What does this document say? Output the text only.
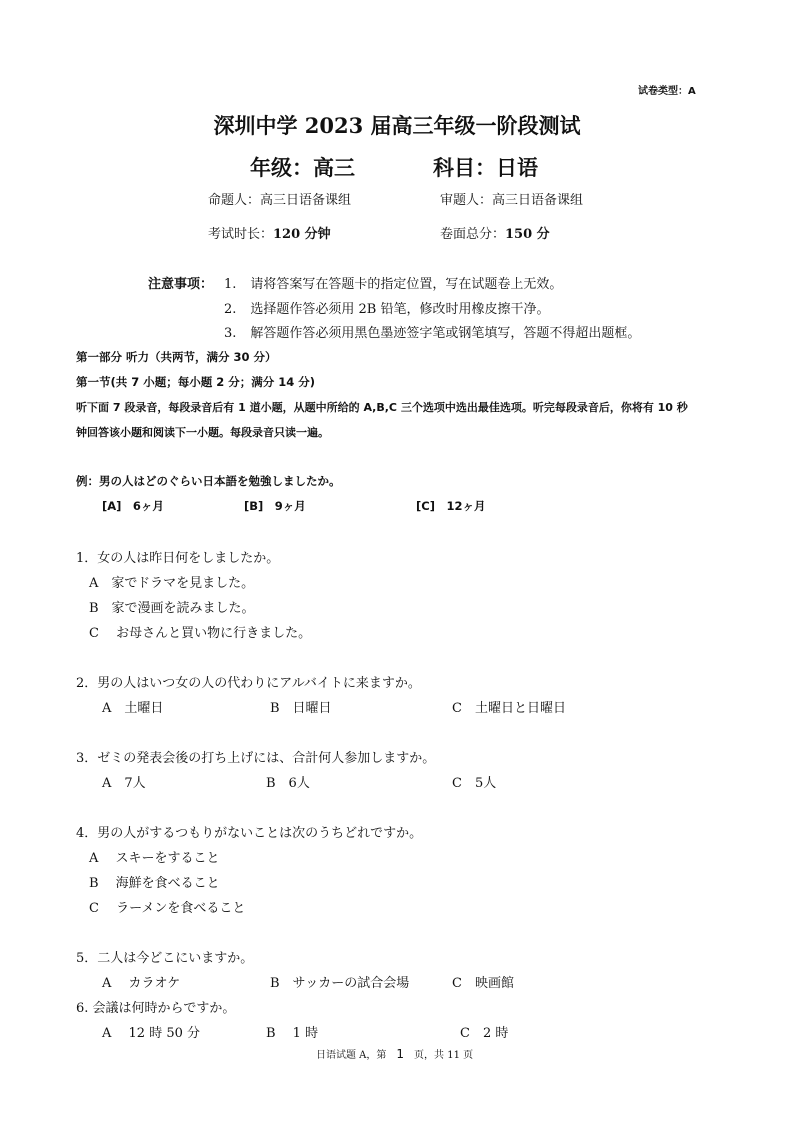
试卷类型：A
深圳中学 2023 届高三年级一阶段测试
年级：高三	科目：日语
命题人：高三日语备课组	审题人：高三日语备课组
考试时长：120 分钟	卷面总分：150 分
注意事项： 1. 请将答案写在答题卡的指定位置，写在试题卷上无效。
2. 选择题作答必须用 2B 铅笔，修改时用橡皮擦干净。
3. 解答题作答必须用黑色墨迹签字笔或钢笔填写，答题不得超出题框。
第一部分 听力（共两节，满分 30 分）
第一节(共 7 小题；每小题 2 分；满分 14 分)
听下面 7 段录音，每段录音后有 1 道小题，从题中所给的 A,B,C 三个选项中选出最佳选项。听完每段录音后，你将有 10 秒
钟回答该小题和阅读下一小题。每段录音只读一遍。
例：男の人はどのぐらい日本語を勉強しましたか。
[A]　6ヶ月	[B]　9ヶ月	[C]　12ヶ月
1．女の人は昨日何をしましたか。
A　家でドラマを見ました。
B　家で漫画を読みました。
C　 お母さんと買い物に行きました。
2．男の人はいつ女の人の代わりにアルバイトに来ますか。
A　土曜日	B　日曜日	C　土曜日と日曜日
3．ゼミの発表会後の打ち上げには、合計何人参加しますか。
A　7人	B　6人	C　5人
4．男の人がするつもりがないことは次のうちどれですか。
A　 スキーをすること
B　 海鮮を食べること
C　 ラーメンを食べること
5．二人は今どこにいますか。
A　 カラオケ	B　サッカーの試合会場	C　映画館
6. 会議は何時からですか。
A　 12 時 50 分	B　 1 時	C　2 時
日语试题 A，第 1 页，共 11 页
